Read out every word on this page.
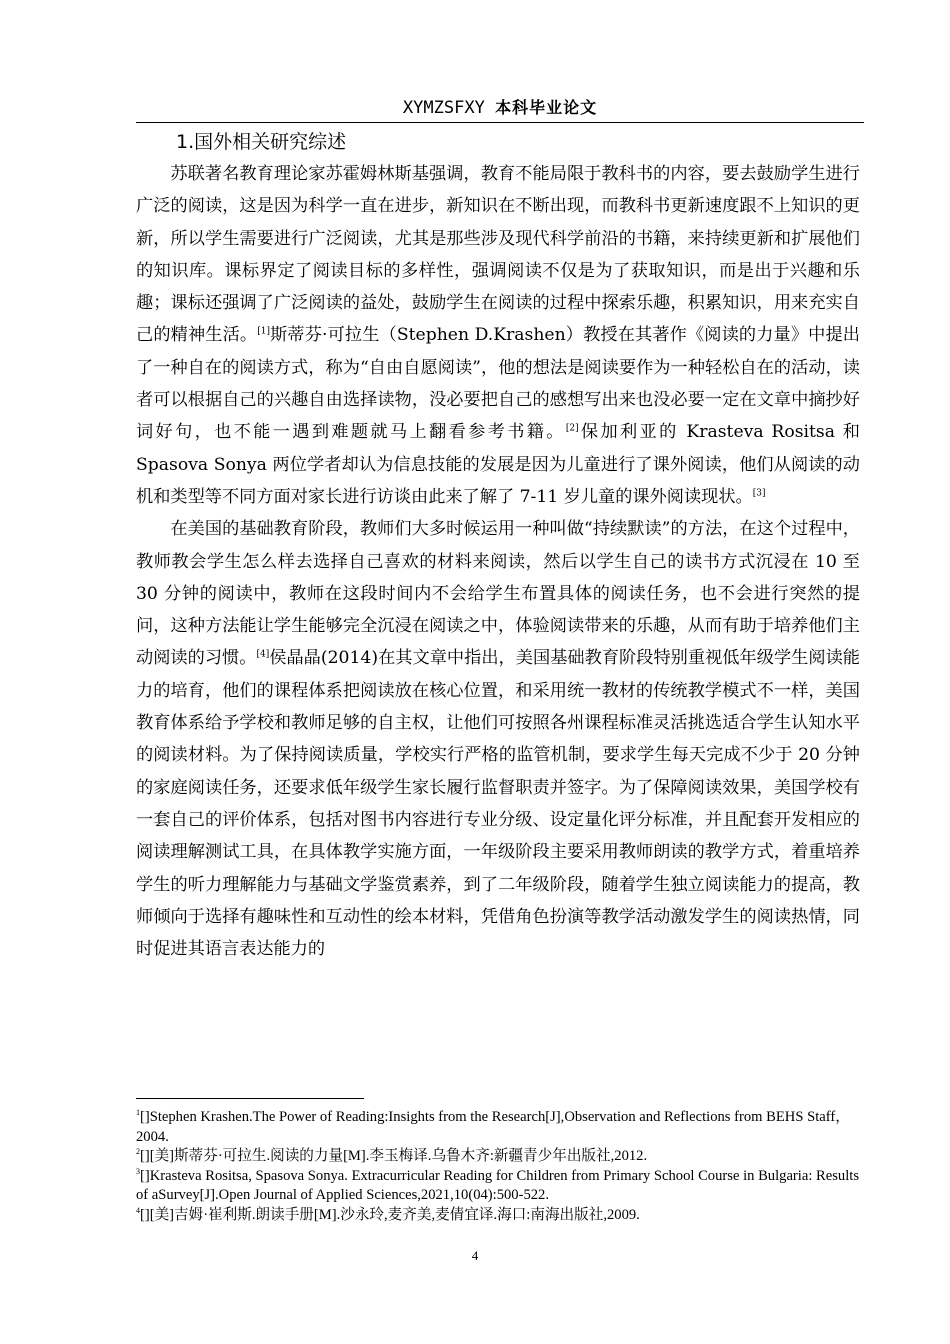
XYMZSFXY 本科毕业论文
1.国外相关研究综述

苏联著名教育理论家苏霍姆林斯基强调，教育不能局限于教科书的内容，要去鼓励学生进行广泛的阅读，这是因为科学一直在进步，新知识在不断出现，而教科书更新速度跟不上知识的更新，所以学生需要进行广泛阅读，尤其是那些涉及现代科学前沿的书籍，来持续更新和扩展他们的知识库。课标界定了阅读目标的多样性，强调阅读不仅是为了获取知识，而是出于兴趣和乐趣；课标还强调了广泛阅读的益处，鼓励学生在阅读的过程中探索乐趣，积累知识，用来充实自己的精神生活。[1]斯蒂芬·可拉生（Stephen D.Krashen）教授在其著作《阅读的力量》中提出了一种自在的阅读方式，称为“自由自愿阅读”，他的想法是阅读要作为一种轻松自在的活动，读者可以根据自己的兴趣自由选择读物，没必要把自己的感想写出来也没必要一定在文章中摘抄好词好句，也不能一遇到难题就马上翻看参考书籍。[2]保加利亚的 Krasteva Rositsa 和 Spasova Sonya 两位学者却认为信息技能的发展是因为儿童进行了课外阅读，他们从阅读的动机和类型等不同方面对家长进行访谈由此来了解了 7-11 岁儿童的课外阅读现状。[3]

在美国的基础教育阶段，教师们大多时候运用一种叫做“持续默读”的方法，在这个过程中，教师教会学生怎么样去选择自己喜欢的材料来阅读，然后以学生自己的读书方式沉浸在 10 至 30 分钟的阅读中，教师在这段时间内不会给学生布置具体的阅读任务，也不会进行突然的提问，这种方法能让学生能够完全沉浸在阅读之中，体验阅读带来的乐趣，从而有助于培养他们主动阅读的习惯。[4]侯晶晶(2014)在其文章中指出，美国基础教育阶段特别重视低年级学生阅读能力的培育，他们的课程体系把阅读放在核心位置，和采用统一教材的传统教学模式不一样，美国教育体系给予学校和教师足够的自主权，让他们可按照各州课程标准灵活挑选适合学生认知水平的阅读材料。为了保持阅读质量，学校实行严格的监管机制，要求学生每天完成不少于 20 分钟的家庭阅读任务，还要求低年级学生家长履行监督职责并签字。为了保障阅读效果，美国学校有一套自己的评价体系，包括对图书内容进行专业分级、设定量化评分标准，并且配套开发相应的阅读理解测试工具，在具体教学实施方面，一年级阶段主要采用教师朗读的教学方式，着重培养学生的听力理解能力与基础文学鉴赏素养，到了二年级阶段，随着学生独立阅读能力的提高，教师倾向于选择有趣味性和互动性的绘本材料，凭借角色扮演等教学活动激发学生的阅读热情，同时促进其语言表达能力的

$^1$[]Stephen Krashen.The Power of Reading:Insights from the Research[J],Observation and Reflections from BEHS Staff，2004.

$^2$[][美]斯蒂芬·可拉生.阅读的力量[M].李玉梅译.乌鲁木齐:新疆青少年出版社,2012.

$^3$[]Krasteva Rositsa, Spasova Sonya. Extracurricular Reading for Children from Primary School Course in Bulgaria: Results of aSurvey[J].Open Journal of Applied Sciences,2021,10(04):500-522.

$^4$[][美]吉姆·崔利斯.朗读手册[M].沙永玲,麦齐美,麦倩宜译.海口:南海出版社,2009.

4
